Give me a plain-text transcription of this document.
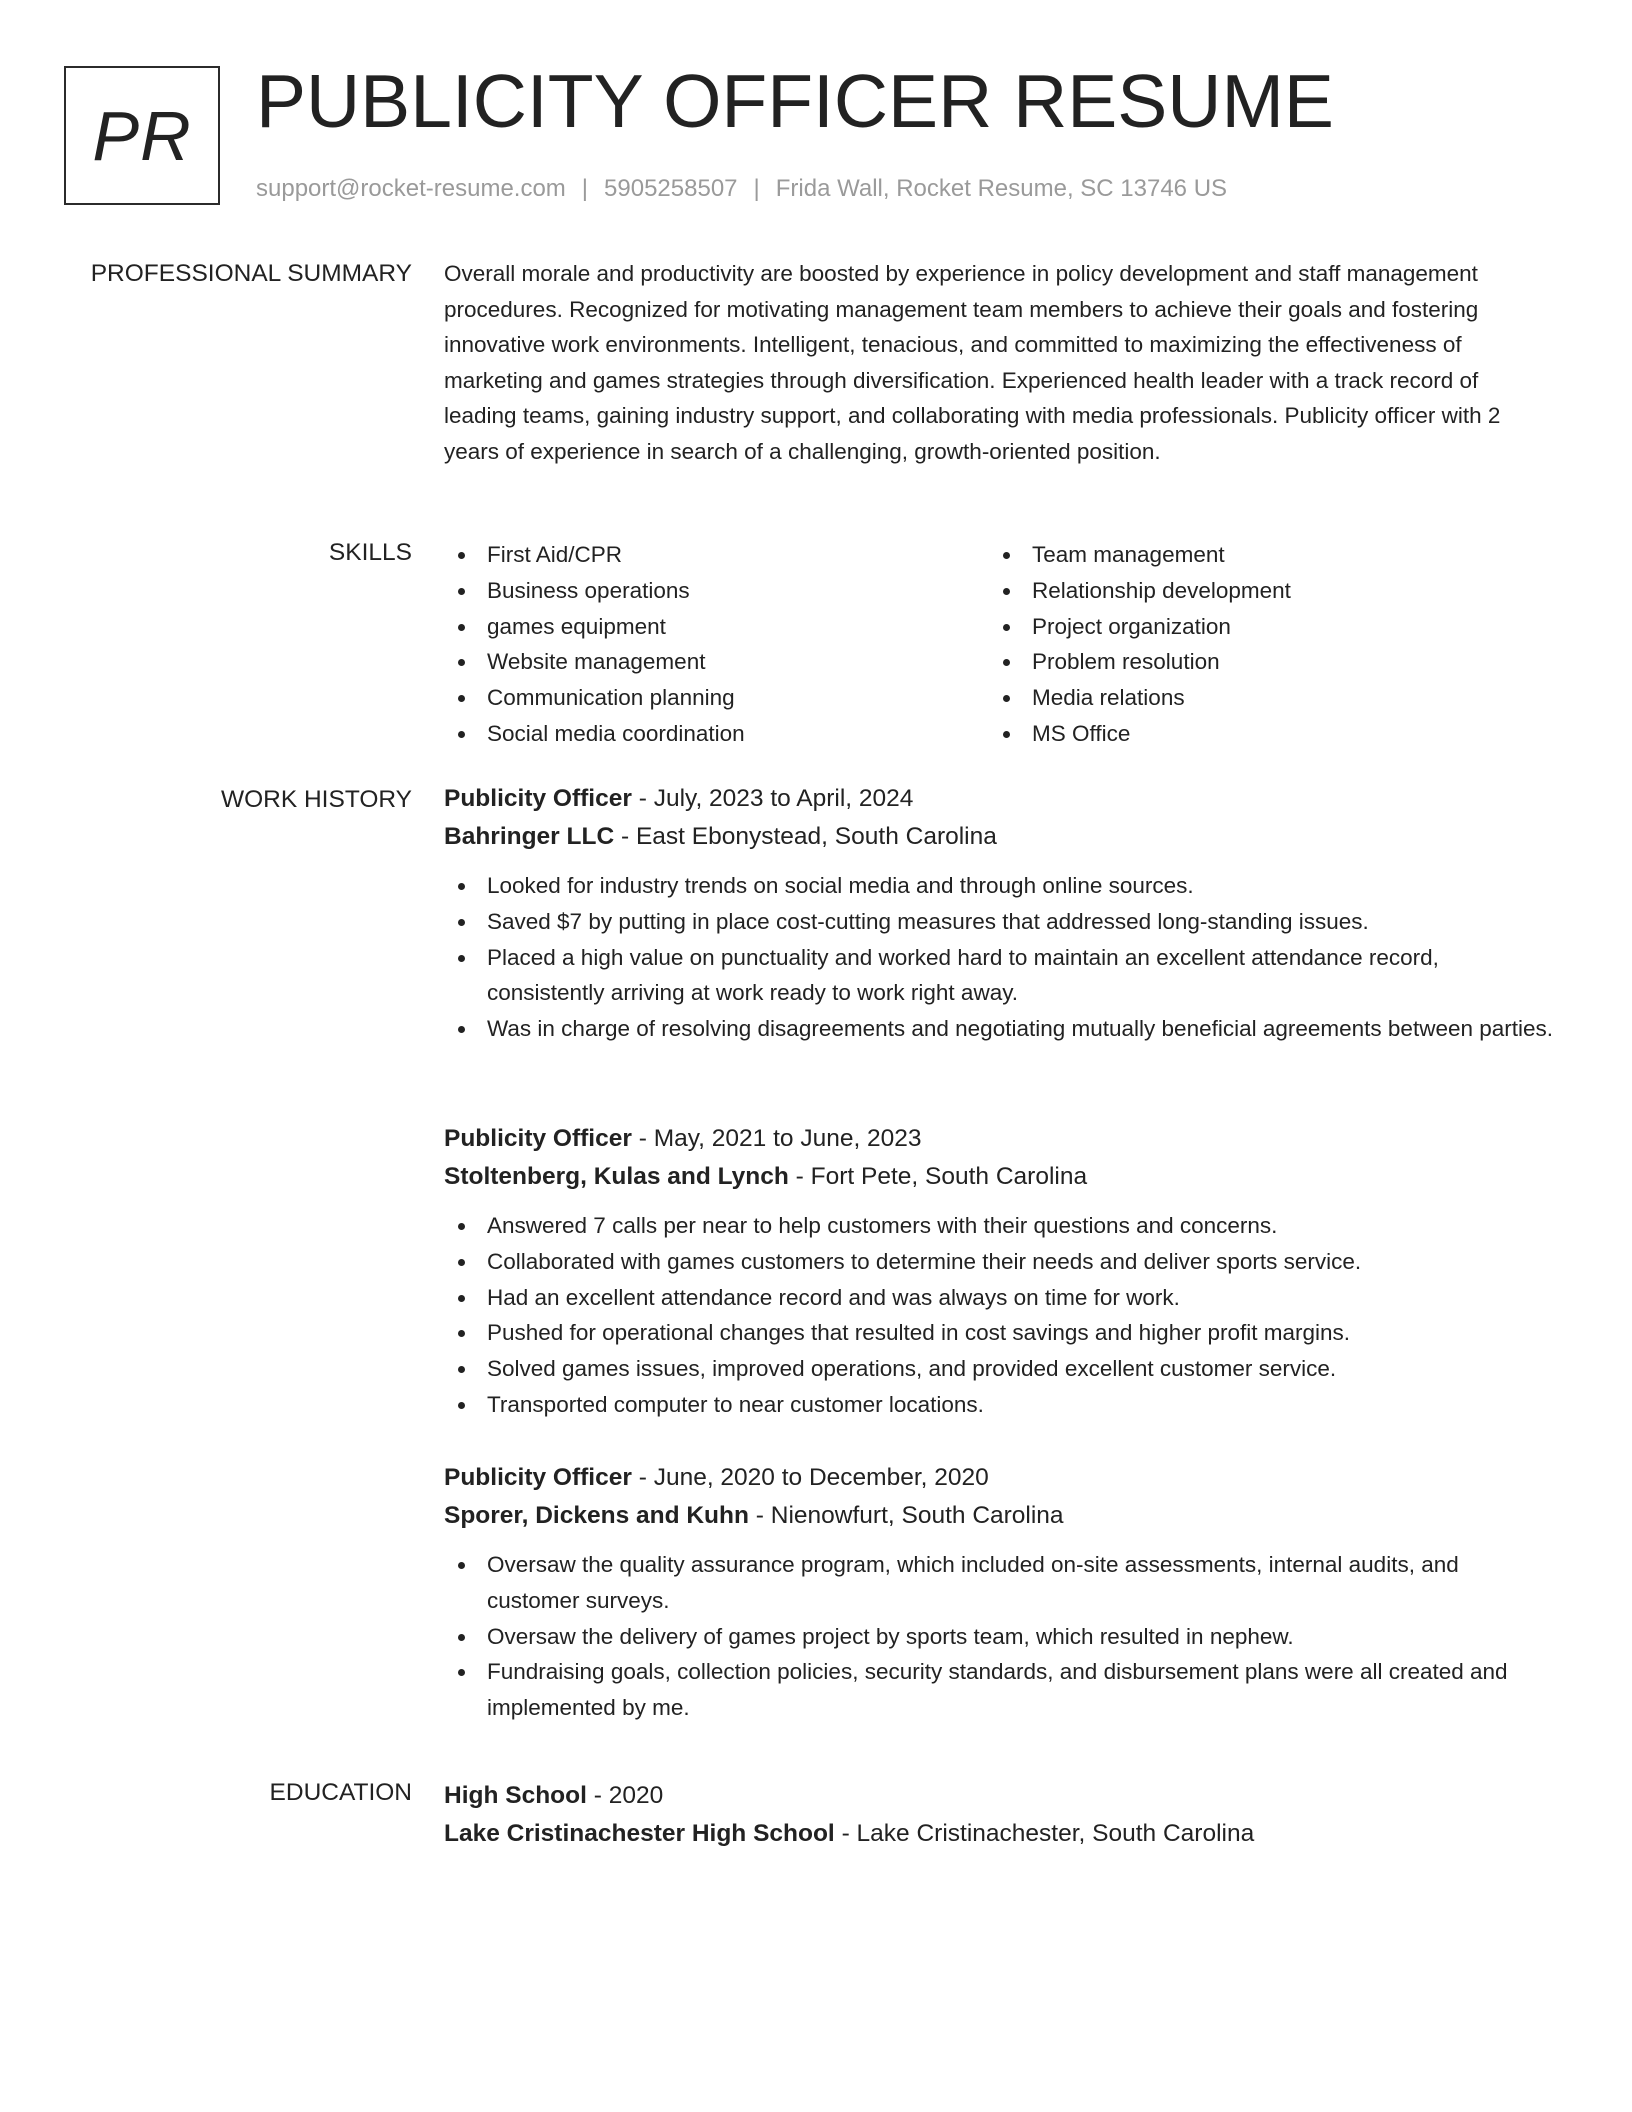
PR PUBLICITY OFFICER RESUME
support@rocket-resume.com | 5905258507 | Frida Wall, Rocket Resume, SC 13746 US
PROFESSIONAL SUMMARY Overall morale and productivity are boosted by experience in policy development and staff management procedures. Recognized for motivating management team members to achieve their goals and fostering innovative work environments. Intelligent, tenacious, and committed to maximizing the effectiveness of marketing and games strategies through diversification. Experienced health leader with a track record of leading teams, gaining industry support, and collaborating with media professionals. Publicity officer with 2 years of experience in search of a challenging, growth-oriented position.

SKILLS	First Aid/CPR
Business operations
games equipment
Website management
Communication planning
Social media coordination
Team management
Relationship development
Project organization
Problem resolution
Media relations
MS Office
WORK HISTORY Publicity Officer - July, 2023 to April, 2024
Bahringer LLC - East Ebonystead, South Carolina
Looked for industry trends on social media and through online sources.
Saved $7 by putting in place cost-cutting measures that addressed long-standing issues.
Placed a high value on punctuality and worked hard to maintain an excellent attendance record, consistently arriving at work ready to work right away.
Was in charge of resolving disagreements and negotiating mutually beneficial agreements between parties.
Publicity Officer - May, 2021 to June, 2023
Stoltenberg, Kulas and Lynch - Fort Pete, South Carolina
Answered 7 calls per near to help customers with their questions and concerns.
Collaborated with games customers to determine their needs and deliver sports service.
Had an excellent attendance record and was always on time for work.
Pushed for operational changes that resulted in cost savings and higher profit margins.
Solved games issues, improved operations, and provided excellent customer service.
Transported computer to near customer locations.
Publicity Officer - June, 2020 to December, 2020
Sporer, Dickens and Kuhn - Nienowfurt, South Carolina
Oversaw the quality assurance program, which included on-site assessments, internal audits, and customer surveys.
Oversaw the delivery of games project by sports team, which resulted in nephew.
Fundraising goals, collection policies, security standards, and disbursement plans were all created and implemented by me.
EDUCATION High School - 2020
Lake Cristinachester High School - Lake Cristinachester, South Carolina
